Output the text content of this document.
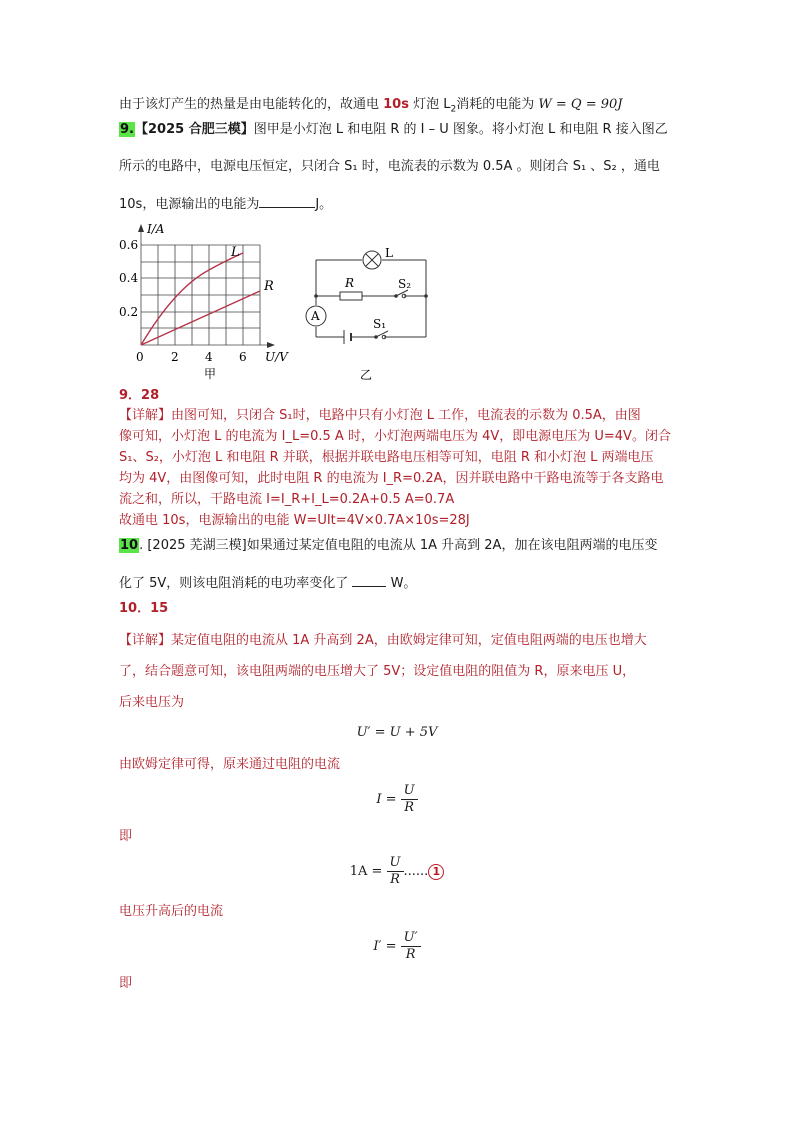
由于该灯产生的热量是由电能转化的，故通电 10s 灯泡 $L_2$消耗的电能为 W = Q = 90J
9.【2025 合肥三模】图甲是小灯泡 L 和电阻 R 的 I – U 图象。将小灯泡 L 和电阻 R 接入图乙
所示的电路中，电源电压恒定，只闭合 S₁ 时，电流表的示数为 0.5A 。则闭合 S₁ 、S₂ ，通电
10s，电源输出的电能为	J。
L
R
I/A
U/V
0.6
0.4
0.2
0 2 4 6
甲
L
R	S₂
A
S₁
乙
9．28
【详解】由图可知，只闭合 S₁时，电路中只有小灯泡 L 工作，电流表的示数为 0.5A，由图
像可知，小灯泡 L 的电流为 I_L=0.5 A 时，小灯泡两端电压为 4V，即电源电压为 U=4V。闭合
S₁、S₂，小灯泡 L 和电阻 R 并联，根据并联电路电压相等可知，电阻 R 和小灯泡 L 两端电压
均为 4V，由图像可知，此时电阻 R 的电流为 I_R=0.2A，因并联电路中干路电流等于各支路电
流之和，所以，干路电流 I=I_R+I_L=0.2A+0.5 A=0.7A
故通电 10s，电源输出的电能 W=UIt=4V×0.7A×10s=28J
10. [2025 芜湖三模]如果通过某定值电阻的电流从 1A 升高到 2A，加在该电阻两端的电压变
化了 5V，则该电阻消耗的电功率变化了	W。
10．15
【详解】某定值电阻的电流从 1A 升高到 2A，由欧姆定律可知，定值电阻两端的电压也增大
了，结合题意可知，该电阻两端的电压增大了 5V；设定值电阻的阻值为 R，原来电压 U，
后来电压为
U′ = U + 5V
由欧姆定律可得，原来通过电阻的电流
$I = \frac{U}{R}$
即
$1A = \frac{U}{R}$ ...... 1
电压升高后的电流
$I' = \frac{U'}{R}$
即
